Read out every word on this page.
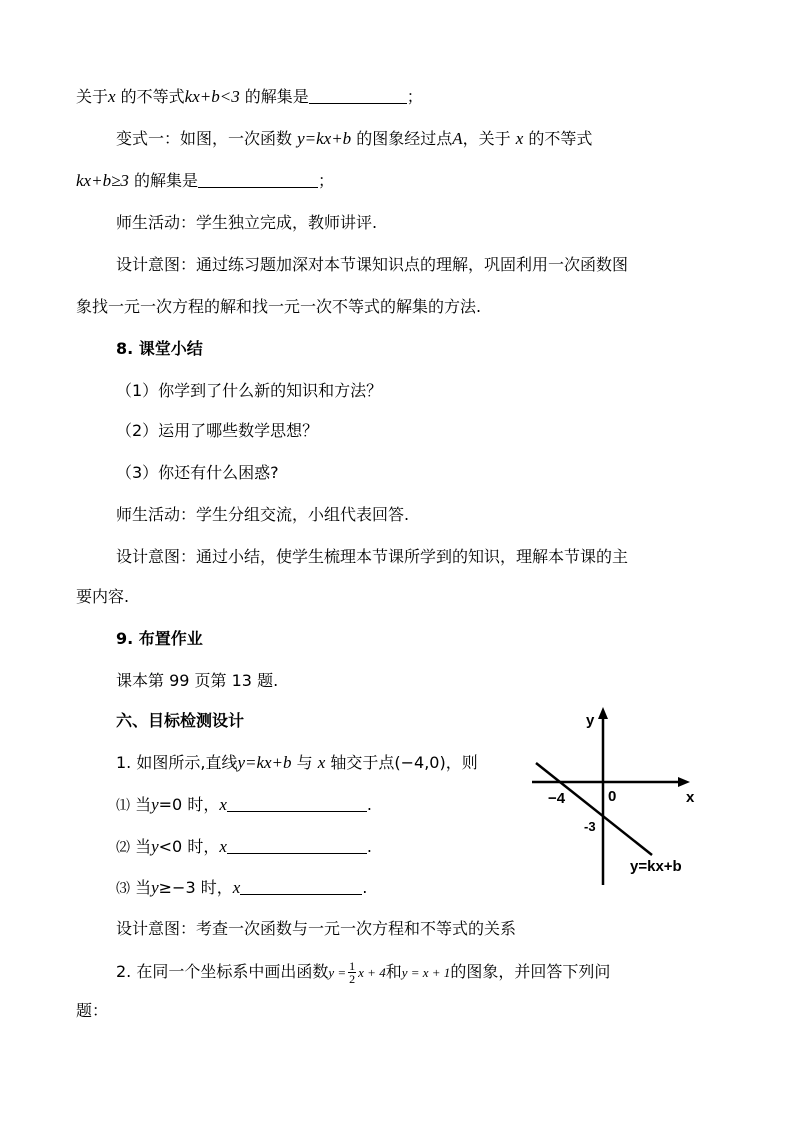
关于x 的不等式kx+b<3 的解集是	；
变式一：如图，一次函数 y=kx+b 的图象经过点A，关于 x 的不等式
kx+b≥3 的解集是	；
师生活动：学生独立完成，教师讲评.
设计意图：通过练习题加深对本节课知识点的理解，巩固利用一次函数图
象找一元一次方程的解和找一元一次不等式的解集的方法.
8. 课堂小结
（1）你学到了什么新的知识和方法？
（2）运用了哪些数学思想？
（3）你还有什么困惑?
师生活动：学生分组交流，小组代表回答.
设计意图：通过小结，使学生梳理本节课所学到的知识，理解本节课的主
要内容.
9. 布置作业
课本第 99 页第 13 题.
六、目标检测设计
1. 如图所示,直线y=kx+b 与 x 轴交于点(−4,0)，则
⑴ 当y=0 时，x	.
⑵ 当y<0 时，x	.
⑶ 当y≥−3 时，x	.
设计意图：考查一次函数与一元一次方程和不等式的关系
2. 在同一个坐标系中画出函数$y = \frac{1}{2}$ x + 4和y = x + 1的图象，并回答下列问
题：
y
x
0
−4
-3
y=kx+b
